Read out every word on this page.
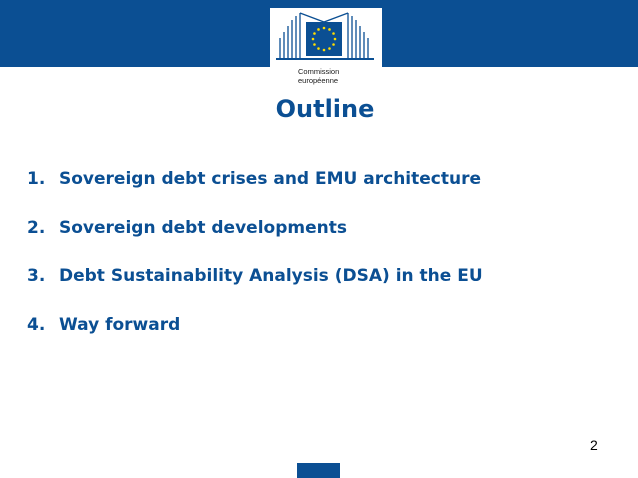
Commission
européenne
Outline
1. Sovereign debt crises and EMU architecture
2. Sovereign debt developments
3. Debt Sustainability Analysis (DSA) in the EU
4. Way forward
2
